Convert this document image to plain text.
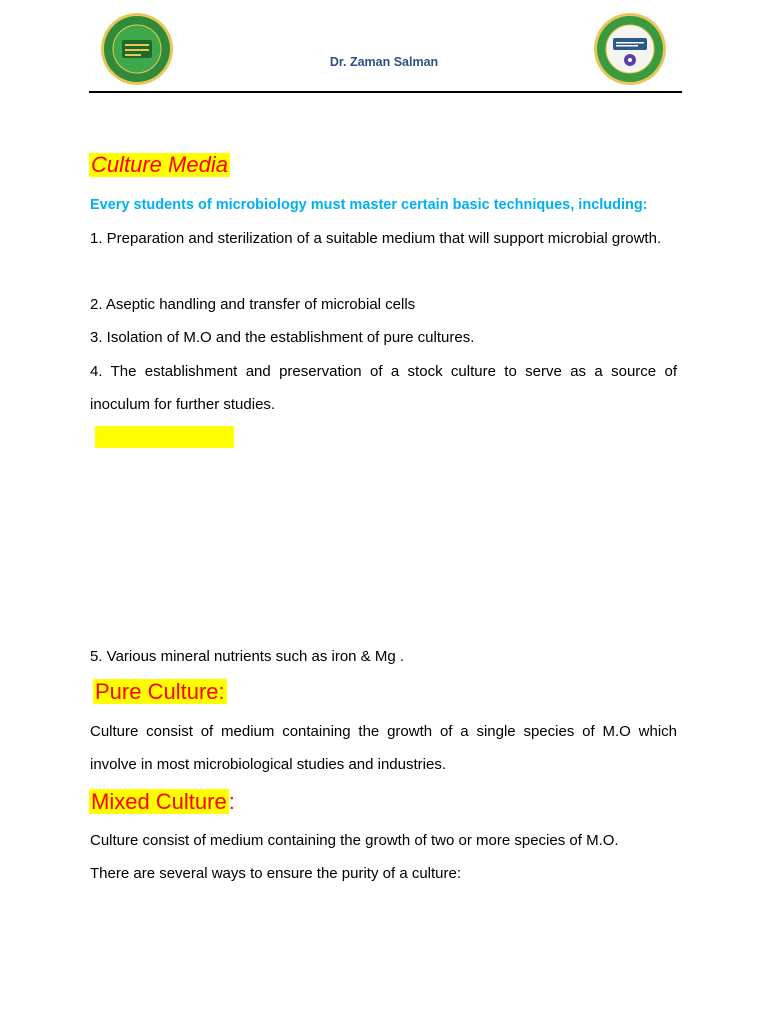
Dr. Zaman Salman
Culture Media
Every students of microbiology must master certain basic techniques, including:

1. Preparation and sterilization of a suitable medium that will support microbial growth.

2. Aseptic handling and transfer of microbial cells

3. Isolation of M.O and the establishment of pure cultures.

4. The establishment and preservation of a stock culture to serve as a source of inoculum for further studies.

5. Various mineral nutrients such as iron & Mg .

Pure Culture:

Culture consist of medium containing the growth of a single species of M.O which involve in most microbiological studies and industries.

Mixed Culture:

Culture consist of medium containing the growth of two or more species of M.O.

There are several ways to ensure the purity of a culture:
